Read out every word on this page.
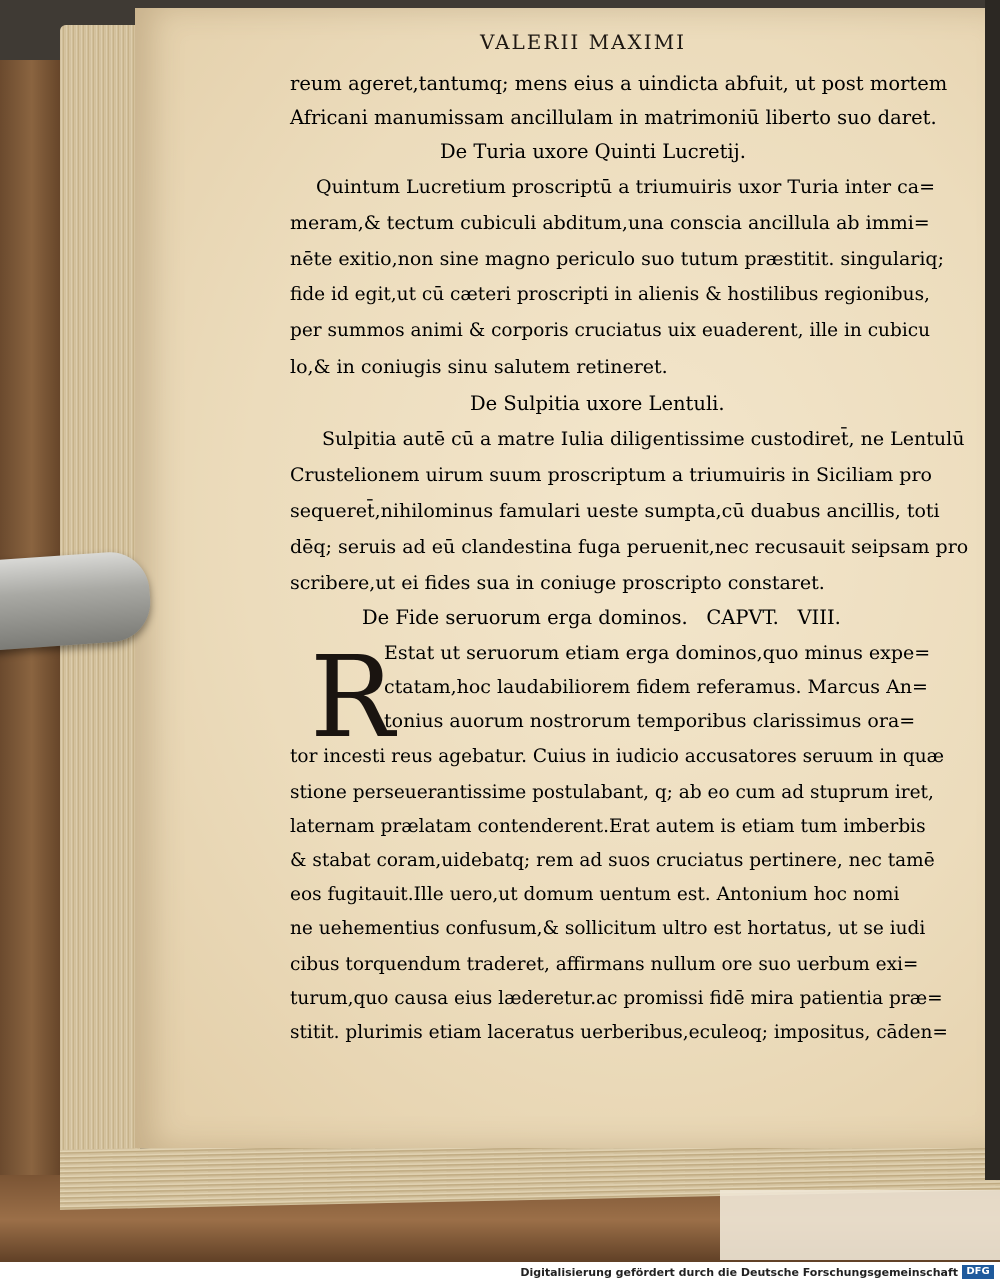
VALERII MAXIMI
reum ageret,tantumq; mens eius a uindicta abfuit, ut post mortem
Africani manumissam ancillulam in matrimoniū liberto suo daret.
De Turia uxore Quinti Lucretij.
Quintum Lucretium proscriptū a triumuiris uxor Turia inter ca=
meram,& tectum cubiculi abditum,una conscia ancillula ab immi=
nēte exitio,non sine magno periculo suo tutum præstitit. singulariq;
fide id egit,ut cū cæteri proscripti in alienis & hostilibus regionibus,
per summos animi & corporis cruciatus uix euaderent, ille in cubicu
lo,& in coniugis sinu salutem retineret.
De Sulpitia uxore Lentuli.
Sulpitia autē cū a matre Iulia diligentissime custodiret̄, ne Lentulū
Crustelionem uirum suum proscriptum a triumuiris in Siciliam pro
sequeret̄,nihilominus famulari ueste sumpta,cū duabus ancillis, toti
dēq; seruis ad eū clandestina fuga peruenit,nec recusauit seipsam pro
scribere,ut ei fides sua in coniuge proscripto constaret.
De Fide seruorum erga dominos.   CAPVT.   VIII.
R
Estat ut seruorum etiam erga dominos,quo minus expe=
ctatam,hoc laudabiliorem fidem referamus. Marcus An=
tonius auorum nostrorum temporibus clarissimus ora=
tor incesti reus agebatur. Cuius in iudicio accusatores seruum in quæ
stione perseuerantissime postulabant, q; ab eo cum ad stuprum iret,
laternam prælatam contenderent.Erat autem is etiam tum imberbis
& stabat coram,uidebatq; rem ad suos cruciatus pertinere, nec tamē
eos fugitauit.Ille uero,ut domum uentum est. Antonium hoc nomi
ne uehementius confusum,& sollicitum ultro est hortatus, ut se iudi
cibus torquendum traderet, affirmans nullum ore suo uerbum exi=
turum,quo causa eius læderetur.ac promissi fidē mira patientia præ=
stitit. plurimis etiam laceratus uerberibus,eculeoq; impositus, cāden=
Digitalisierung gefördert durch die Deutsche Forschungsgemeinschaft DFG
